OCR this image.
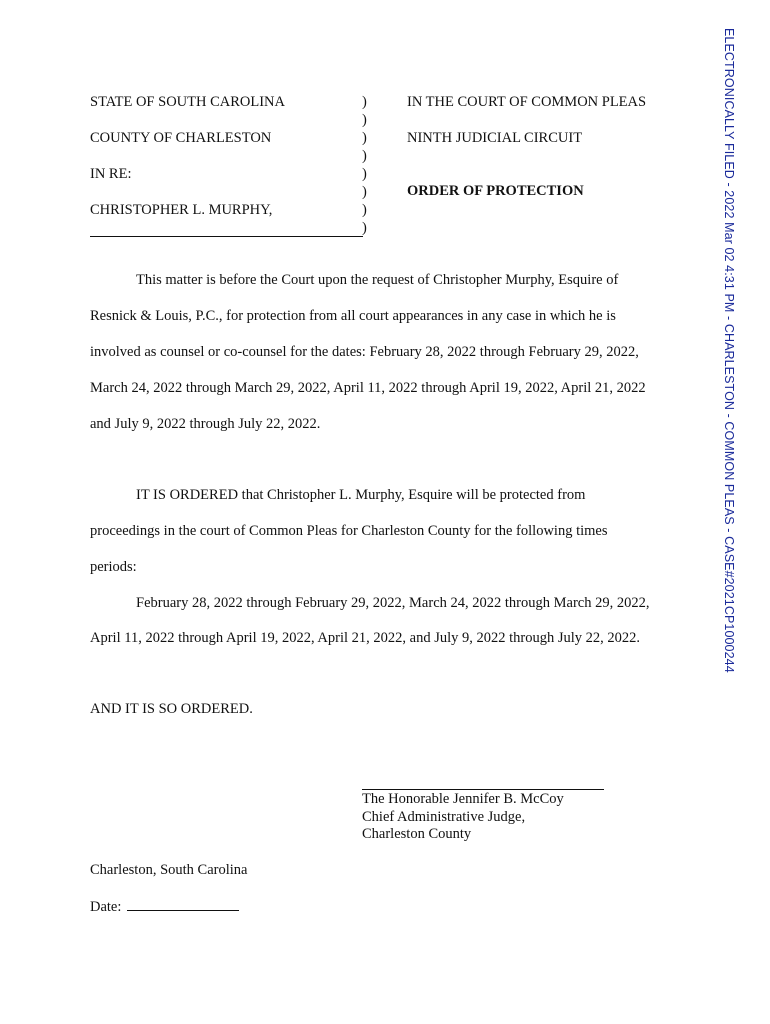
ELECTRONICALLY FILED - 2022 Mar 02 4:31 PM - CHARLESTON - COMMON PLEAS - CASE#2021CP1000244
STATE OF SOUTH CAROLINA
COUNTY OF CHARLESTON
IN RE:
CHRISTOPHER L. MURPHY,
)
)
)
)
)
)
)
)
IN THE COURT OF COMMON PLEAS
NINTH JUDICIAL CIRCUIT
ORDER OF PROTECTION
This matter is before the Court upon the request of Christopher Murphy, Esquire of
Resnick & Louis, P.C., for protection from all court appearances in any case in which he is
involved as counsel or co-counsel for the dates: February 28, 2022 through February 29, 2022,
March 24, 2022 through March 29, 2022, April 11, 2022 through April 19, 2022, April 21, 2022
and July 9, 2022 through July 22, 2022.
IT IS ORDERED that Christopher L. Murphy, Esquire will be protected from
proceedings in the court of Common Pleas for Charleston County for the following times
periods:
February 28, 2022 through February 29, 2022, March 24, 2022 through March 29, 2022,
April 11, 2022 through April 19, 2022, April 21, 2022, and July 9, 2022 through July 22, 2022.
AND IT IS SO ORDERED.
The Honorable Jennifer B. McCoy
Chief Administrative Judge,
Charleston County
Charleston, South Carolina
Date:
